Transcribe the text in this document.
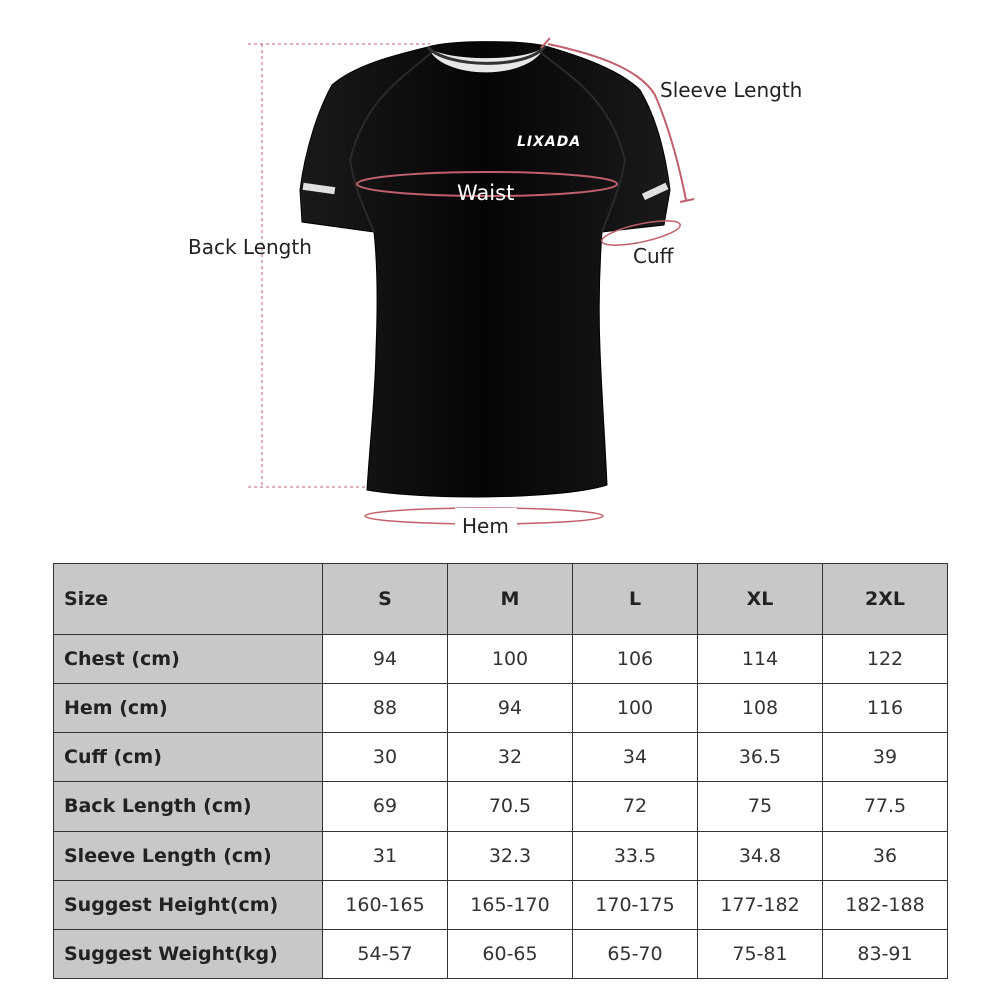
LIXADA
Back Length
Sleeve Length
Waist
Cuff
Hem
Size	S	M	L	XL	2XL
Chest (cm)	94	100	106	114	122
Hem (cm)	88	94	100	108	116
Cuff (cm)	30	32	34	36.5	39
Back Length (cm)	69	70.5	72	75	77.5
Sleeve Length (cm)	31	32.3	33.5	34.8	36
Suggest Height(cm)	160-165	165-170	170-175	177-182	182-188
Suggest Weight(kg)	54-57	60-65	65-70	75-81	83-91
